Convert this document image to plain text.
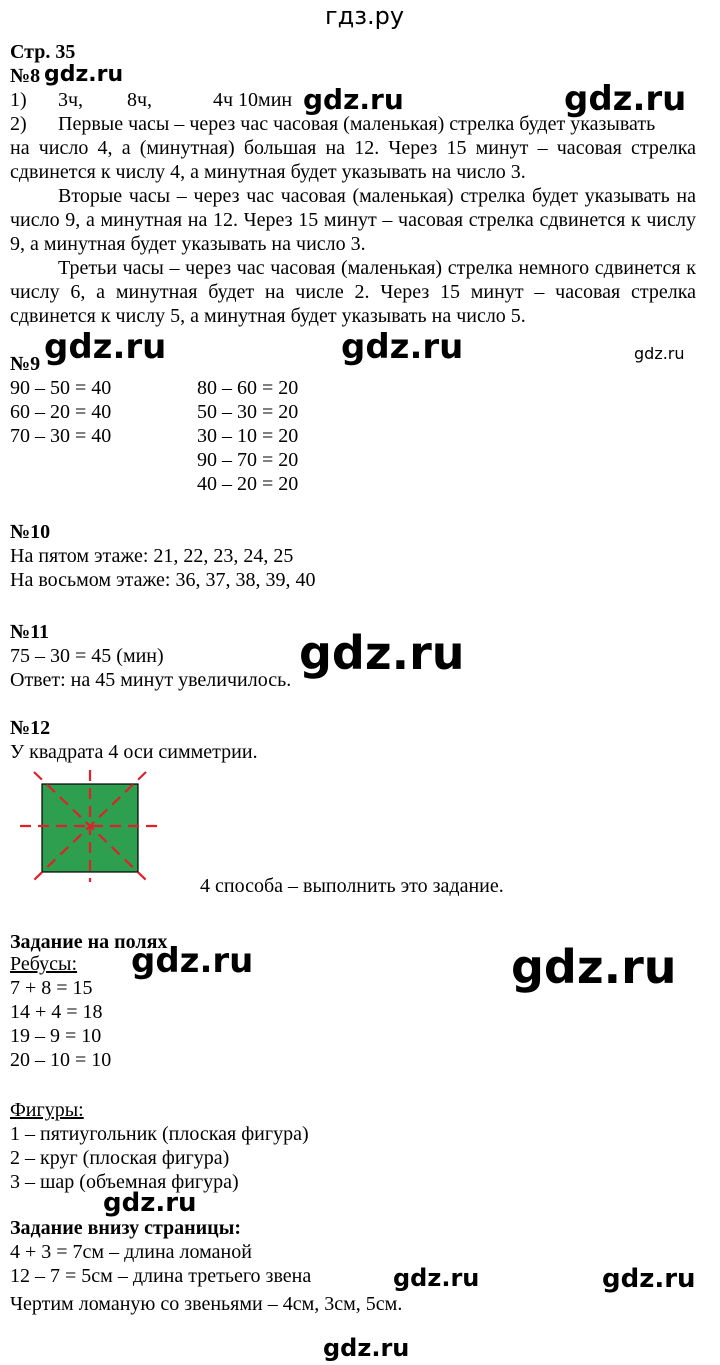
гдз.ру
Стр. 35
№8 gdz.ru
1) 3ч, 8ч,	4ч 10мин gdz.ru	gdz.ru
2) Первые часы – через час часовая (маленькая) стрелка будет указывать
на число 4, а (минутная) большая на 12. Через 15 минут – часовая стрелка сдвинется к числу 4, а минутная будет указывать на число 3.
Вторые часы – через час часовая (маленькая) стрелка будет указывать на число 9, а минутная на 12. Через 15 минут – часовая стрелка сдвинется к числу 9, а минутная будет указывать на число 3.
Третьи часы – через час часовая (маленькая) стрелка немного сдвинется к числу 6, а минутная будет на числе 2. Через 15 минут – часовая стрелка сдвинется к числу 5, а минутная будет указывать на число 5.
gdz.ru	gdz.ru	gdz.ru
№9
90 – 50 = 40
60 – 20 = 40
70 – 30 = 40
80 – 60 = 20
50 – 30 = 20
30 – 10 = 20
90 – 70 = 20
40 – 20 = 20
№10
На пятом этаже: 21, 22, 23, 24, 25
На восьмом этаже: 36, 37, 38, 39, 40
№11
75 – 30 = 45 (мин)
Ответ: на 45 минут увеличилось. gdz.ru
№12
У квадрата 4 оси симметрии.
4 способа – выполнить это задание.
Задание на полях
Ребусы: gdz.ru	gdz.ru
7 + 8 = 15
14 + 4 = 18
19 – 9 = 10
20 – 10 = 10
Фигуры:
1 – пятиугольник (плоская фигура)
2 – круг (плоская фигура)
3 – шар (объемная фигура)
gdz.ru
Задание внизу страницы:
4 + 3 = 7см – длина ломаной
12 – 7 = 5см – длина третьего звена	gdz.ru	gdz.ru
Чертим ломаную со звеньями – 4см, 3см, 5см.
gdz.ru
